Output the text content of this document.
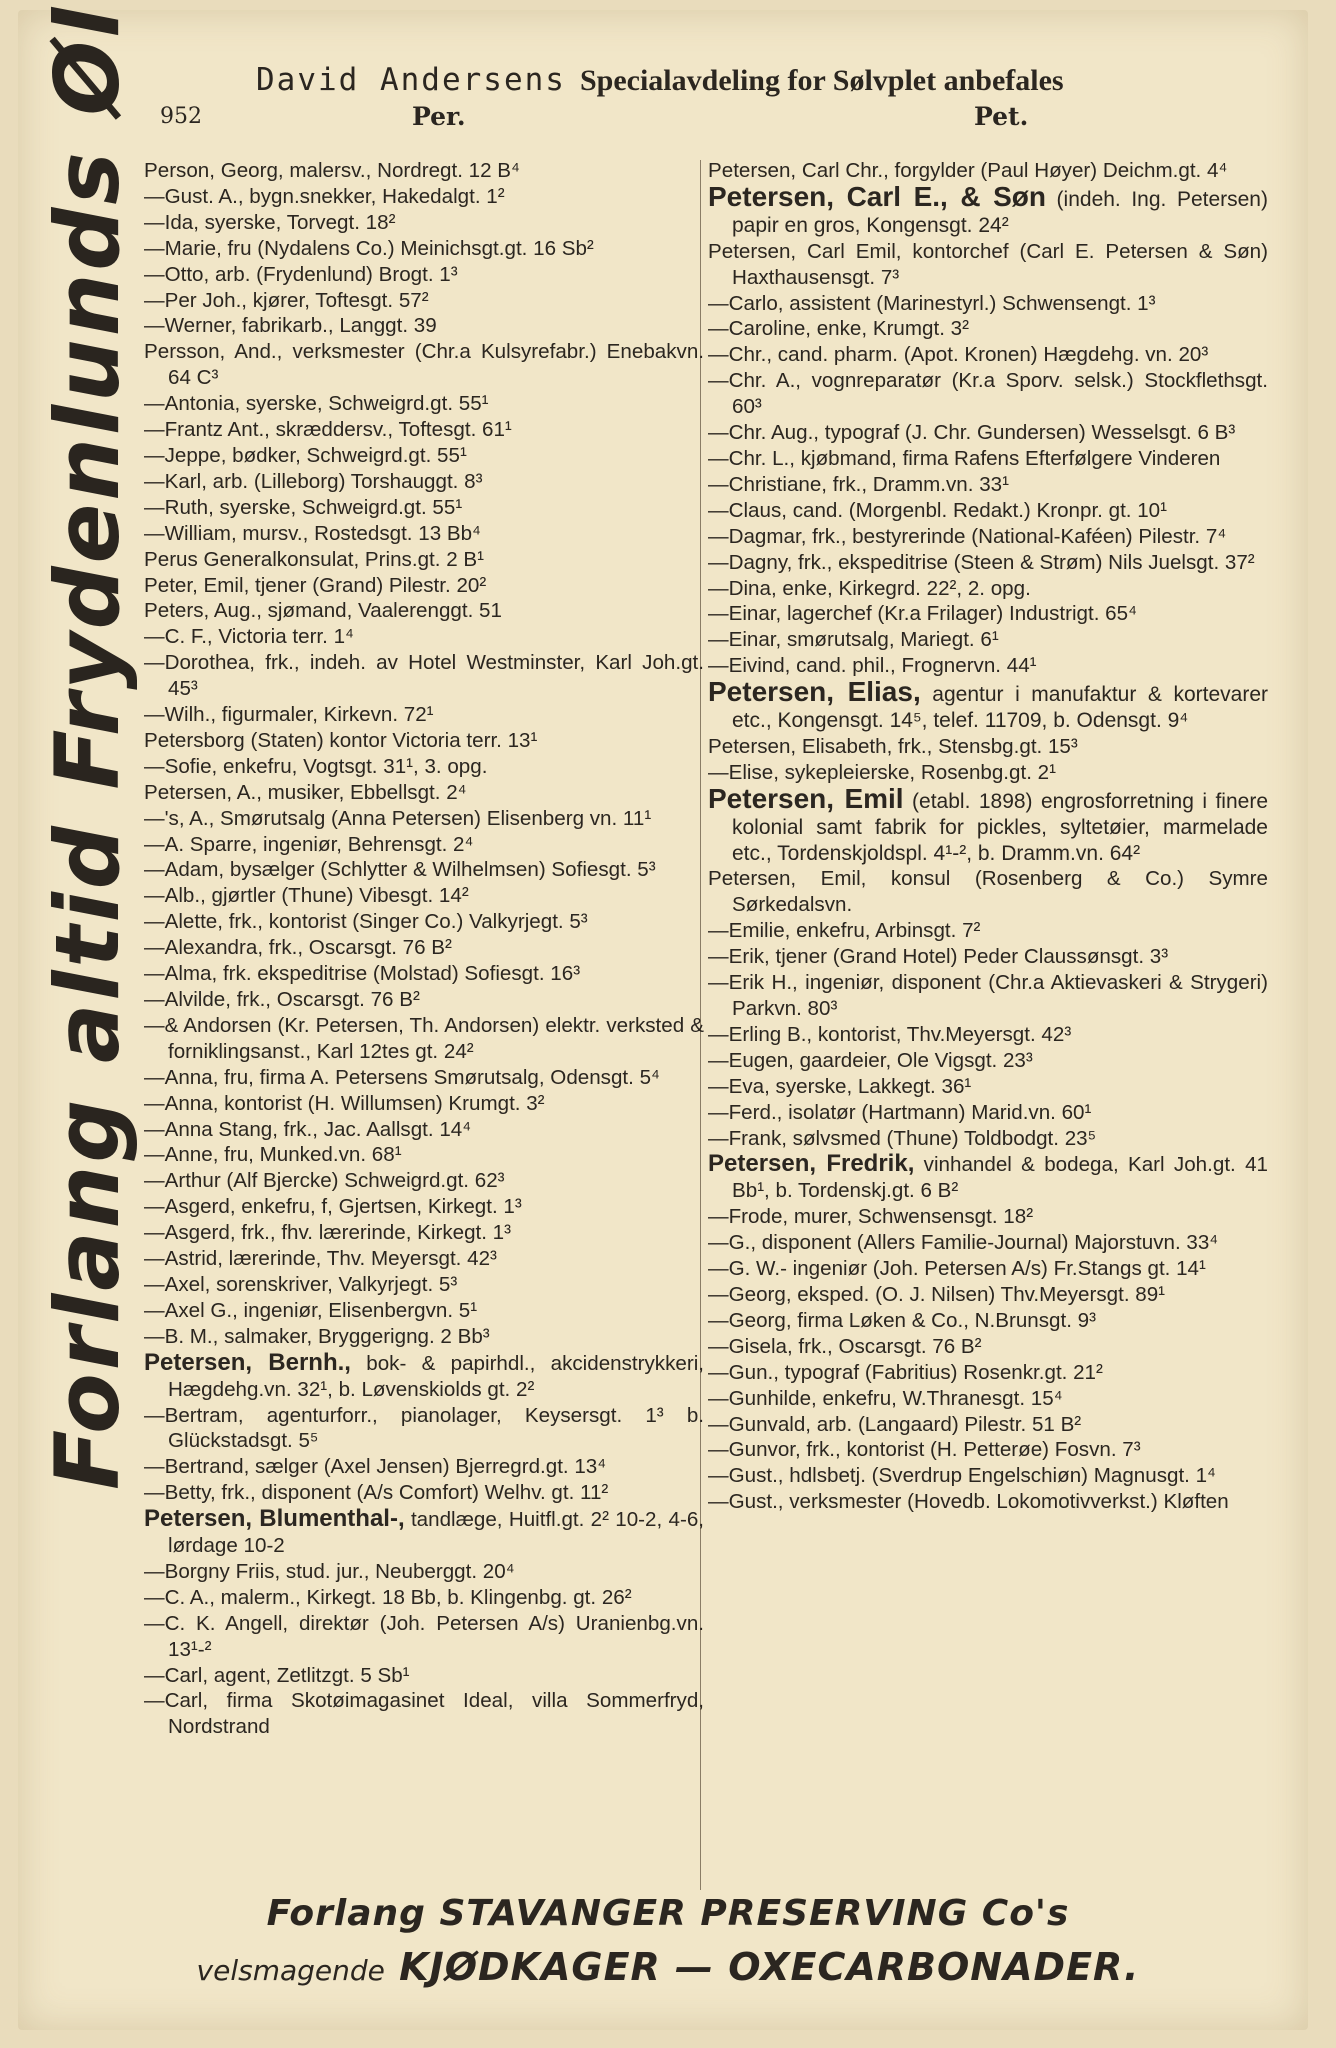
David Andersens Specialavdeling for Sølvplet anbefales
952	Per.	Pet.
Forlang altid Frydenlunds Øl Person, Georg, malersv., Nordregt. 12 B⁴
—Gust. A., bygn.snekker, Hakedalgt. 1²
—Ida, syerske, Torvegt. 18²
—Marie, fru (Nydalens Co.) Meinichsgt.gt. 16 Sb²
—Otto, arb. (Frydenlund) Brogt. 1³
—Per Joh., kjører, Toftesgt. 57²
—Werner, fabrikarb., Langgt. 39
Persson, And., verksmester (Chr.a Kulsyrefabr.) Enebakvn. 64 C³
—Antonia, syerske, Schweigrd.gt. 55¹
—Frantz Ant., skræddersv., Toftesgt. 61¹
—Jeppe, bødker, Schweigrd.gt. 55¹
—Karl, arb. (Lilleborg) Torshauggt. 8³
—Ruth, syerske, Schweigrd.gt. 55¹
—William, mursv., Rostedsgt. 13 Bb⁴
Perus Generalkonsulat, Prins.gt. 2 B¹
Peter, Emil, tjener (Grand) Pilestr. 20²
Peters, Aug., sjømand, Vaalerenggt. 51
—C. F., Victoria terr. 1⁴
—Dorothea, frk., indeh. av Hotel Westminster, Karl Joh.gt. 45³
—Wilh., figurmaler, Kirkevn. 72¹
Petersborg (Staten) kontor Victoria terr. 13¹
—Sofie, enkefru, Vogtsgt. 31¹, 3. opg.
Petersen, A., musiker, Ebbellsgt. 2⁴
—'s, A., Smørutsalg (Anna Petersen) Elisenberg vn. 11¹
—A. Sparre, ingeniør, Behrensgt. 2⁴
—Adam, bysælger (Schlytter & Wilhelmsen) Sofiesgt. 5³
—Alb., gjørtler (Thune) Vibesgt. 14²
—Alette, frk., kontorist (Singer Co.) Valkyrjegt. 5³
—Alexandra, frk., Oscarsgt. 76 B²
—Alma, frk. ekspeditrise (Molstad) Sofiesgt. 16³
—Alvilde, frk., Oscarsgt. 76 B²
—& Andorsen (Kr. Petersen, Th. Andorsen) elektr. verksted & forniklingsanst., Karl 12tes gt. 24²
—Anna, fru, firma A. Petersens Smørutsalg, Odensgt. 5⁴
—Anna, kontorist (H. Willumsen) Krumgt. 3²
—Anna Stang, frk., Jac. Aallsgt. 14⁴
—Anne, fru, Munked.vn. 68¹
—Arthur (Alf Bjercke) Schweigrd.gt. 62³
—Asgerd, enkefru, f, Gjertsen, Kirkegt. 1³
—Asgerd, frk., fhv. lærerinde, Kirkegt. 1³
—Astrid, lærerinde, Thv. Meyersgt. 42³
—Axel, sorenskriver, Valkyrjegt. 5³
—Axel G., ingeniør, Elisenbergvn. 5¹
—B. M., salmaker, Bryggerigng. 2 Bb³
Petersen, Bernh., bok- & papirhdl., akcidenstrykkeri, Hægdehg.vn. 32¹, b. Løvenskiolds gt. 2²
—Bertram, agenturforr., pianolager, Keysersgt. 1³ b. Glückstadsgt. 5⁵
—Bertrand, sælger (Axel Jensen) Bjerregrd.gt. 13⁴
—Betty, frk., disponent (A/s Comfort) Welhv. gt. 11²
Petersen, Blumenthal-, tandlæge, Huitfl.gt. 2² 10-2, 4-6, lørdage 10-2
—Borgny Friis, stud. jur., Neuberggt. 20⁴
—C. A., malerm., Kirkegt. 18 Bb, b. Klingenbg. gt. 26²
—C. K. Angell, direktør (Joh. Petersen A/s) Uranienbg.vn. 13¹-²
—Carl, agent, Zetlitzgt. 5 Sb¹
—Carl, firma Skotøimagasinet Ideal, villa Sommerfryd, Nordstrand
Petersen, Carl Chr., forgylder (Paul Høyer) Deichm.gt. 4⁴
Petersen, Carl E., & Søn (indeh. Ing. Petersen) papir en gros, Kongensgt. 24²
Petersen, Carl Emil, kontorchef (Carl E. Petersen & Søn) Haxthausensgt. 7³
—Carlo, assistent (Marinestyrl.) Schwensengt. 1³
—Caroline, enke, Krumgt. 3²
—Chr., cand. pharm. (Apot. Kronen) Hægdehg. vn. 20³
—Chr. A., vognreparatør (Kr.a Sporv. selsk.) Stockflethsgt. 60³
—Chr. Aug., typograf (J. Chr. Gundersen) Wesselsgt. 6 B³
—Chr. L., kjøbmand, firma Rafens Efterfølgere Vinderen
—Christiane, frk., Dramm.vn. 33¹
—Claus, cand. (Morgenbl. Redakt.) Kronpr. gt. 10¹
—Dagmar, frk., bestyrerinde (National-Kaféen) Pilestr. 7⁴
—Dagny, frk., ekspeditrise (Steen & Strøm) Nils Juelsgt. 37²
—Dina, enke, Kirkegrd. 22², 2. opg.
—Einar, lagerchef (Kr.a Frilager) Industrigt. 65⁴
—Einar, smørutsalg, Mariegt. 6¹
—Eivind, cand. phil., Frognervn. 44¹
Petersen, Elias, agentur i manufaktur & kortevarer etc., Kongensgt. 14⁵, telef. 11709, b. Odensgt. 9⁴
Petersen, Elisabeth, frk., Stensbg.gt. 15³
—Elise, sykepleierske, Rosenbg.gt. 2¹
Petersen, Emil (etabl. 1898) engrosforretning i finere kolonial samt fabrik for pickles, syltetøier, marmelade etc., Tordenskjoldspl. 4¹-², b. Dramm.vn. 64²
Petersen, Emil, konsul (Rosenberg & Co.) Symre Sørkedalsvn.
—Emilie, enkefru, Arbinsgt. 7²
—Erik, tjener (Grand Hotel) Peder Claussønsgt. 3³
—Erik H., ingeniør, disponent (Chr.a Aktievaskeri & Strygeri) Parkvn. 80³
—Erling B., kontorist, Thv.Meyersgt. 42³
—Eugen, gaardeier, Ole Vigsgt. 23³
—Eva, syerske, Lakkegt. 36¹
—Ferd., isolatør (Hartmann) Marid.vn. 60¹
—Frank, sølvsmed (Thune) Toldbodgt. 23⁵
Petersen, Fredrik, vinhandel & bodega, Karl Joh.gt. 41 Bb¹, b. Tordenskj.gt. 6 B²
—Frode, murer, Schwensensgt. 18²
—G., disponent (Allers Familie-Journal) Majorstuvn. 33⁴
—G. W.- ingeniør (Joh. Petersen A/s) Fr.Stangs gt. 14¹
—Georg, eksped. (O. J. Nilsen) Thv.Meyersgt. 89¹
—Georg, firma Løken & Co., N.Brunsgt. 9³
—Gisela, frk., Oscarsgt. 76 B²
—Gun., typograf (Fabritius) Rosenkr.gt. 21²
—Gunhilde, enkefru, W.Thranesgt. 15⁴
—Gunvald, arb. (Langaard) Pilestr. 51 B²
—Gunvor, frk., kontorist (H. Petterøe) Fosvn. 7³
—Gust., hdlsbetj. (Sverdrup Engelschiøn) Magnusgt. 1⁴
—Gust., verksmester (Hovedb. Lokomotivverkst.) Kløften
Forlang STAVANGER PRESERVING Co's
velsmagende KJØDKAGER — OXECARBONADER.
